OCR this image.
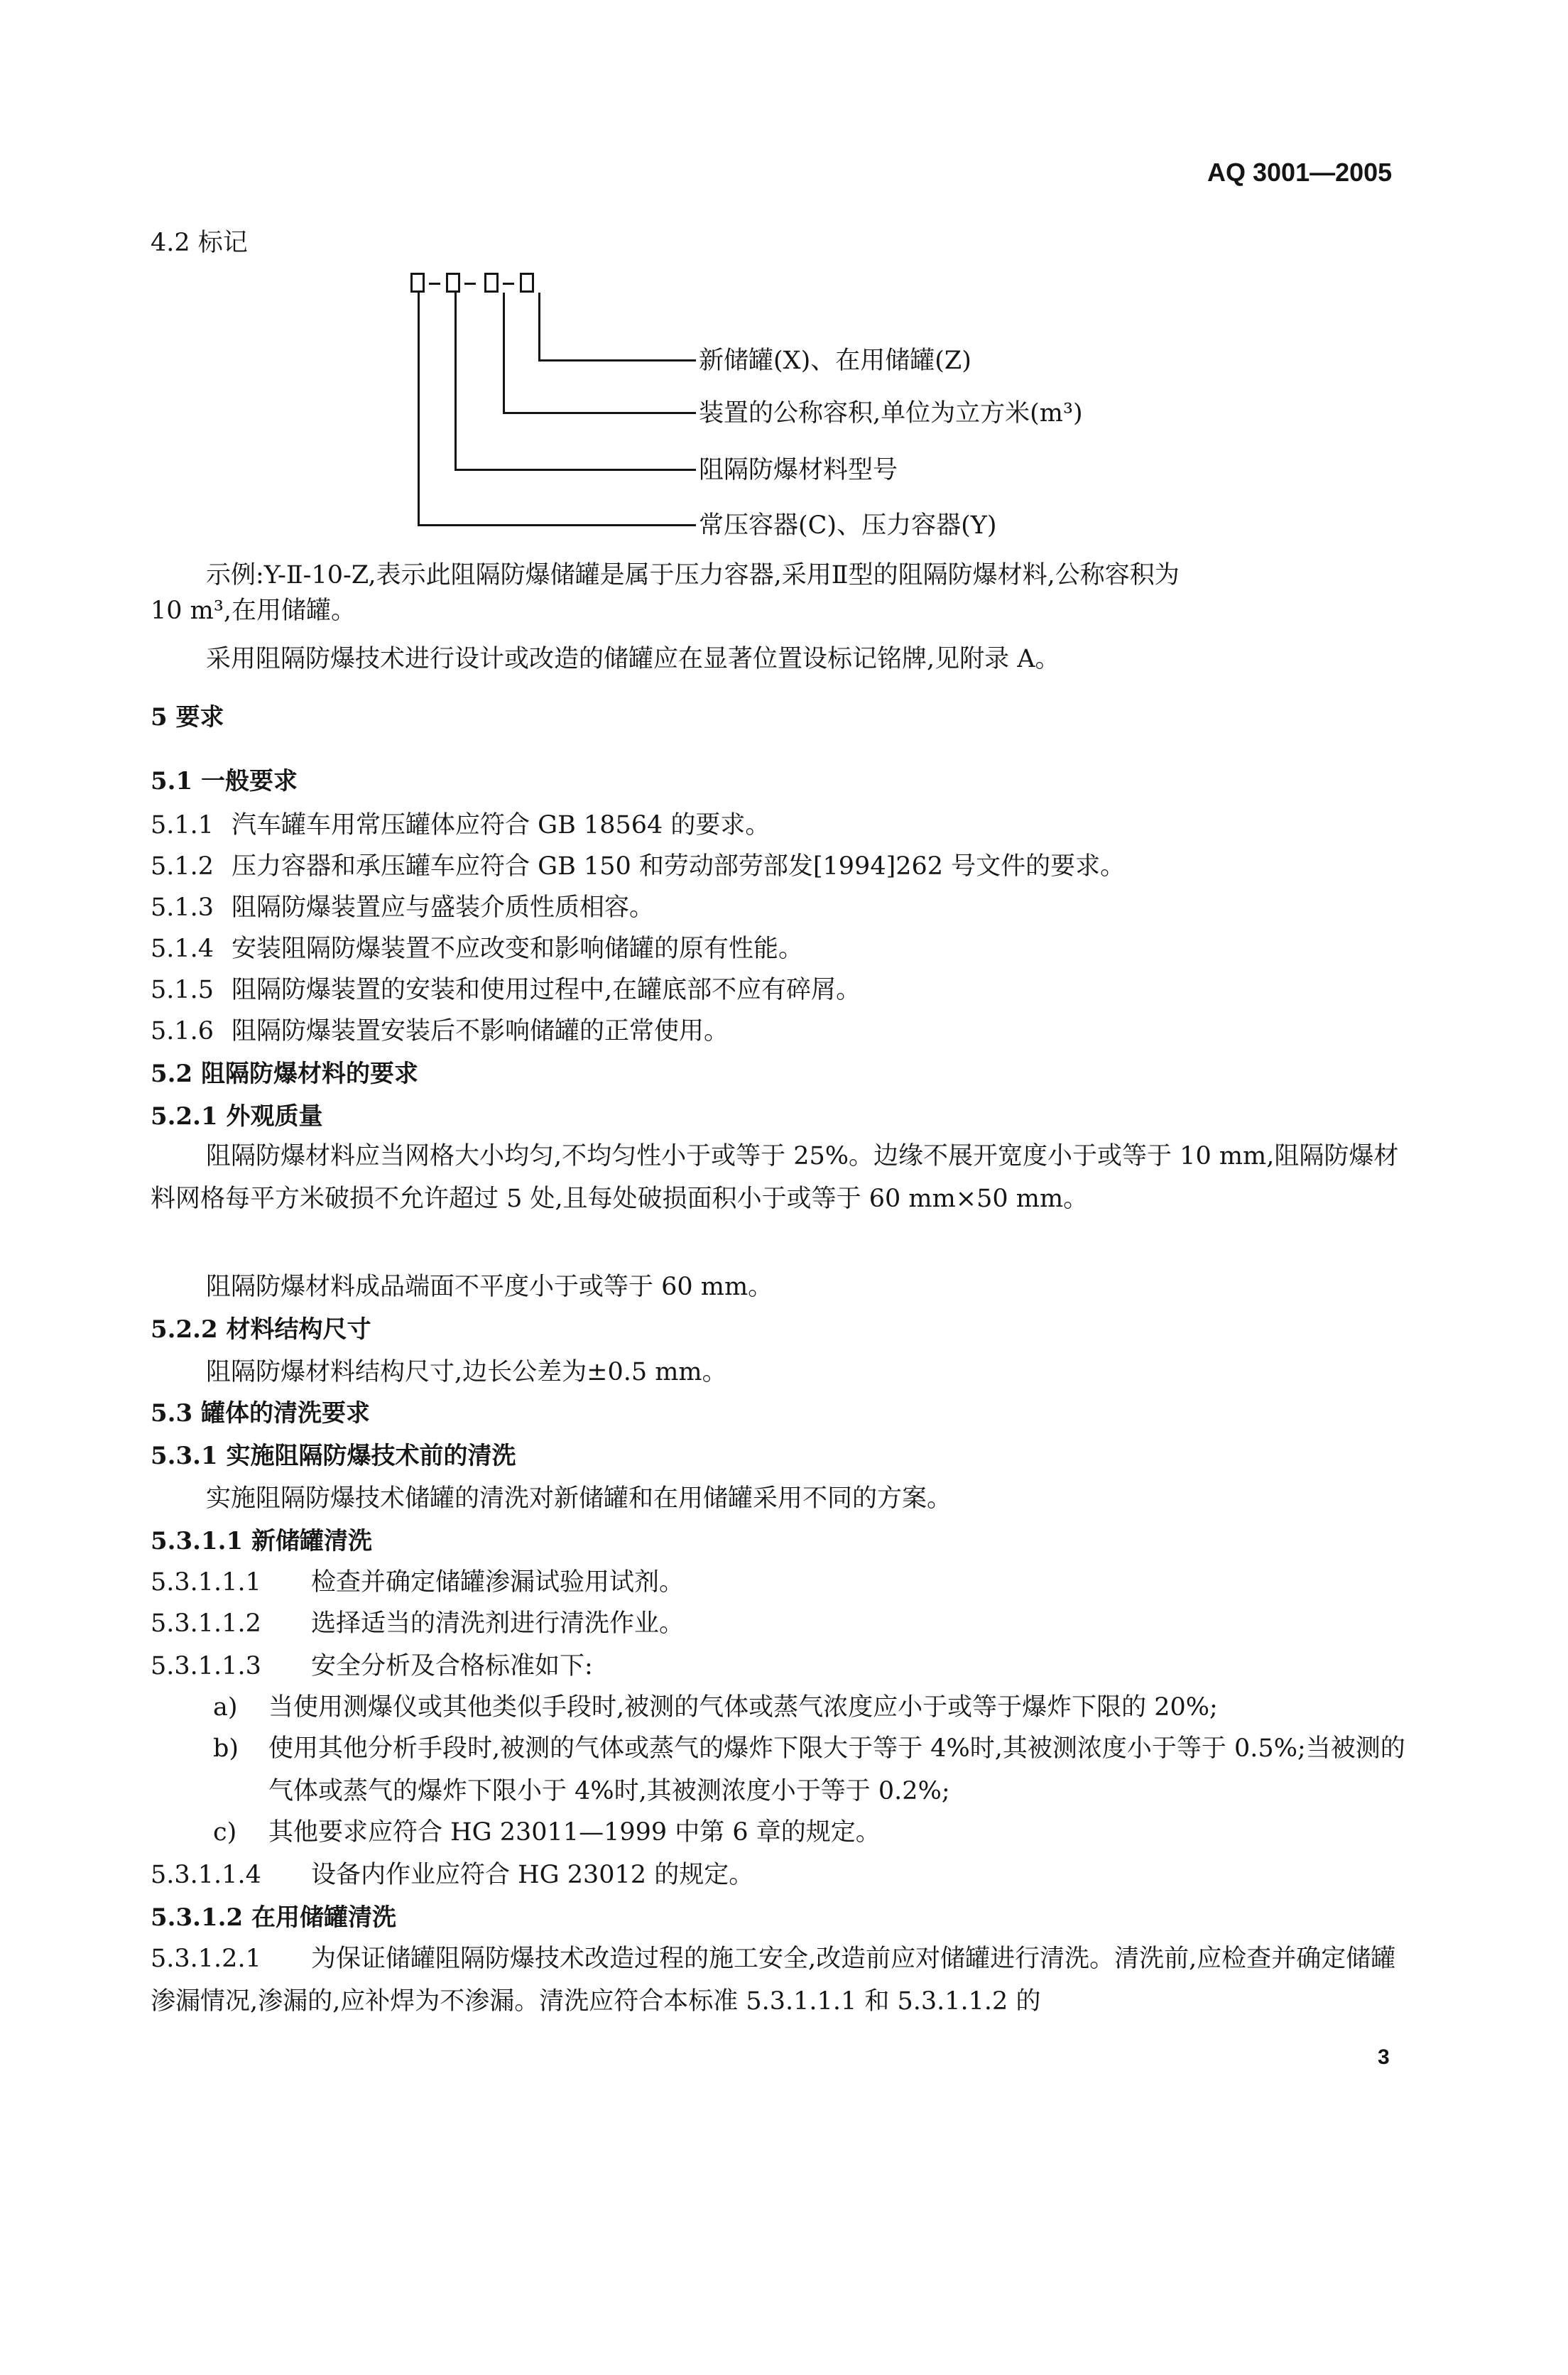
AQ 3001—2005
4.2 标记
新储罐(X)、在用储罐(Z)
装置的公称容积,单位为立方米(m³)
阻隔防爆材料型号
常压容器(C)、压力容器(Y)
示例:Y-Ⅱ-10-Z,表示此阻隔防爆储罐是属于压力容器,采用Ⅱ型的阻隔防爆材料,公称容积为
10 m³,在用储罐。
采用阻隔防爆技术进行设计或改造的储罐应在显著位置设标记铭牌,见附录 A。
5 要求
5.1 一般要求
5.1.1 汽车罐车用常压罐体应符合 GB 18564 的要求。
5.1.2 压力容器和承压罐车应符合 GB 150 和劳动部劳部发[1994]262 号文件的要求。
5.1.3 阻隔防爆装置应与盛装介质性质相容。
5.1.4 安装阻隔防爆装置不应改变和影响储罐的原有性能。
5.1.5 阻隔防爆装置的安装和使用过程中,在罐底部不应有碎屑。
5.1.6 阻隔防爆装置安装后不影响储罐的正常使用。
5.2 阻隔防爆材料的要求
5.2.1 外观质量
阻隔防爆材料应当网格大小均匀,不均匀性小于或等于 25%。边缘不展开宽度小于或等于 10 mm,阻隔防爆材料网格每平方米破损不允许超过 5 处,且每处破损面积小于或等于 60 mm×50 mm。
阻隔防爆材料成品端面不平度小于或等于 60 mm。
5.2.2 材料结构尺寸
阻隔防爆材料结构尺寸,边长公差为±0.5 mm。
5.3 罐体的清洗要求
5.3.1 实施阻隔防爆技术前的清洗
实施阻隔防爆技术储罐的清洗对新储罐和在用储罐采用不同的方案。
5.3.1.1 新储罐清洗
5.3.1.1.1 检查并确定储罐渗漏试验用试剂。
5.3.1.1.2 选择适当的清洗剂进行清洗作业。
5.3.1.1.3 安全分析及合格标准如下:
a) 当使用测爆仪或其他类似手段时,被测的气体或蒸气浓度应小于或等于爆炸下限的 20%;
b) 使用其他分析手段时,被测的气体或蒸气的爆炸下限大于等于 4%时,其被测浓度小于等于 0.5%;当被测的气体或蒸气的爆炸下限小于 4%时,其被测浓度小于等于 0.2%;
c) 其他要求应符合 HG 23011—1999 中第 6 章的规定。
5.3.1.1.4 设备内作业应符合 HG 23012 的规定。
5.3.1.2 在用储罐清洗
5.3.1.2.1 为保证储罐阻隔防爆技术改造过程的施工安全,改造前应对储罐进行清洗。清洗前,应检查并确定储罐渗漏情况,渗漏的,应补焊为不渗漏。清洗应符合本标准 5.3.1.1.1 和 5.3.1.1.2 的
3
